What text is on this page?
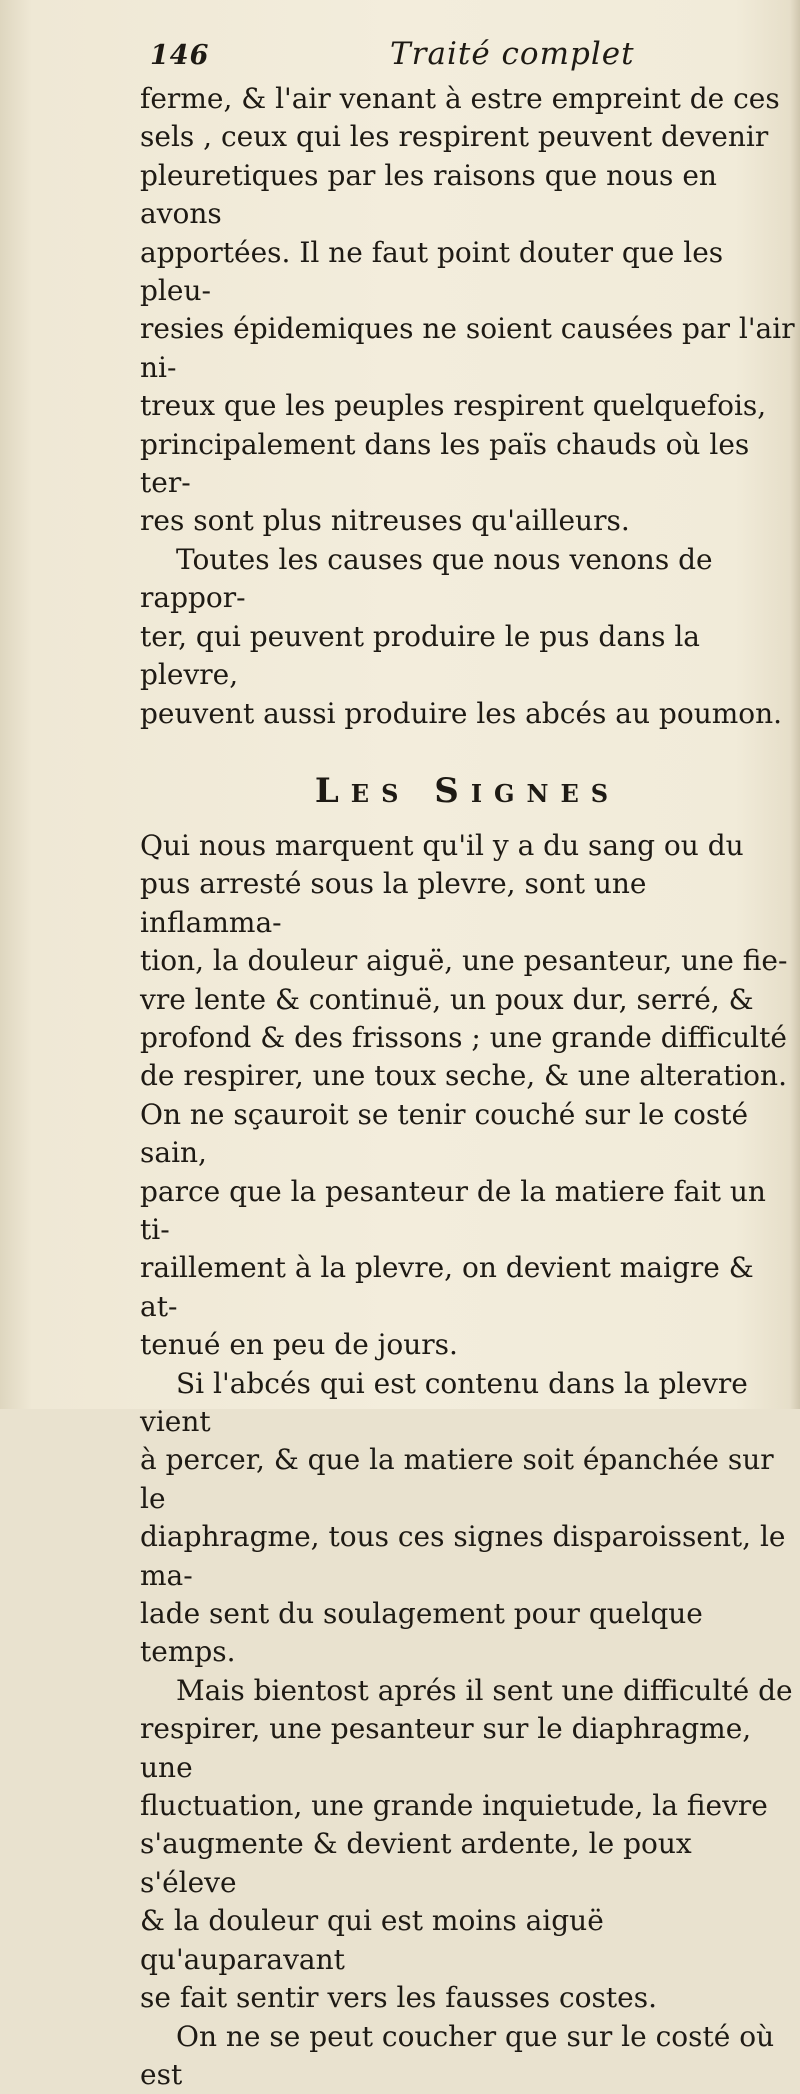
146	Traité complet

ferme, & l'air venant à estre empreint de ces
sels , ceux qui les respirent peuvent devenir
pleuretiques par les raisons que nous en avons
apportées. Il ne faut point douter que les pleu-
resies épidemiques ne soient causées par l'air ni-
treux que les peuples respirent quelquefois,
principalement dans les païs chauds où les ter-
res sont plus nitreuses qu'ailleurs.

Toutes les causes que nous venons de rappor-
ter, qui peuvent produire le pus dans la plevre,
peuvent aussi produire les abcés au poumon.

Les Signes

Qui nous marquent qu'il y a du sang ou du
pus arresté sous la plevre, sont une inflamma-
tion, la douleur aiguë, une pesanteur, une fie-
vre lente & continuë, un poux dur, serré, &
profond & des frissons ; une grande difficulté
de respirer, une toux seche, & une alteration.
On ne sçauroit se tenir couché sur le costé sain,
parce que la pesanteur de la matiere fait un ti-
raillement à la plevre, on devient maigre & at-
tenué en peu de jours.

Si l'abcés qui est contenu dans la plevre vient
à percer, & que la matiere soit épanchée sur le
diaphragme, tous ces signes disparoissent, le ma-
lade sent du soulagement pour quelque temps.

Mais bientost aprés il sent une difficulté de
respirer, une pesanteur sur le diaphragme, une
fluctuation, une grande inquietude, la fievre
s'augmente & devient ardente, le poux s'éleve
& la douleur qui est moins aiguë qu'auparavant
se fait sentir vers les fausses costes.

On ne se peut coucher que sur le costé où est
